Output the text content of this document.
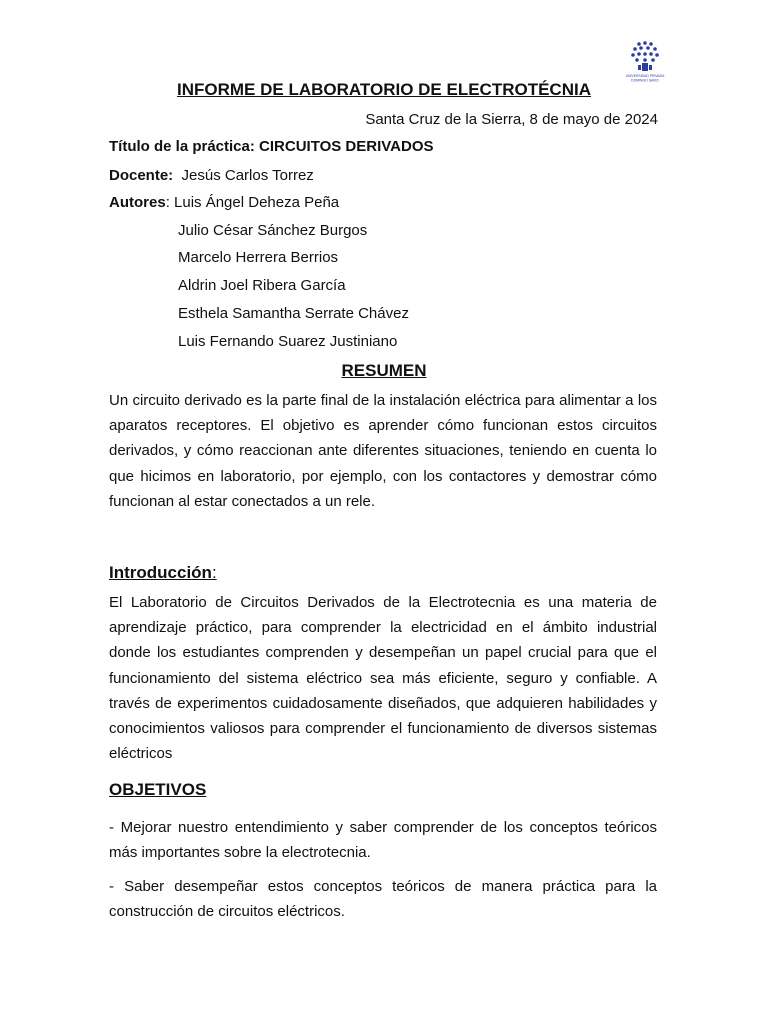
UNIVERSIDAD PRIVADA
DOMINGO SAVIO
INFORME DE LABORATORIO DE ELECTROTÉCNIA
Santa Cruz de la Sierra, 8 de mayo de 2024
Título de la práctica: CIRCUITOS DERIVADOS
Docente:  Jesús Carlos Torrez
Autores: Luis Ángel Deheza Peña
Julio César Sánchez Burgos
Marcelo Herrera Berrios
Aldrin Joel Ribera García
Esthela Samantha Serrate Chávez
Luis Fernando Suarez Justiniano
RESUMEN
Un circuito derivado es la parte final de la instalación eléctrica para alimentar a los aparatos receptores. El objetivo es aprender cómo funcionan estos circuitos derivados, y cómo reaccionan ante diferentes situaciones, teniendo en cuenta lo que hicimos en laboratorio, por ejemplo, con los contactores y demostrar cómo funcionan al estar conectados a un rele.
Introducción:
El Laboratorio de Circuitos Derivados de la Electrotecnia es una materia de aprendizaje práctico, para comprender la electricidad en el ámbito industrial donde los estudiantes comprenden y desempeñan un papel crucial para que el funcionamiento del sistema eléctrico sea más eficiente, seguro y confiable. A través de experimentos cuidadosamente diseñados, que adquieren habilidades y conocimientos valiosos para comprender el funcionamiento de diversos sistemas eléctricos
OBJETIVOS
- Mejorar nuestro entendimiento y saber comprender de los conceptos teóricos más importantes sobre la electrotecnia.
- Saber desempeñar estos conceptos teóricos de manera práctica para la construcción de circuitos eléctricos.
